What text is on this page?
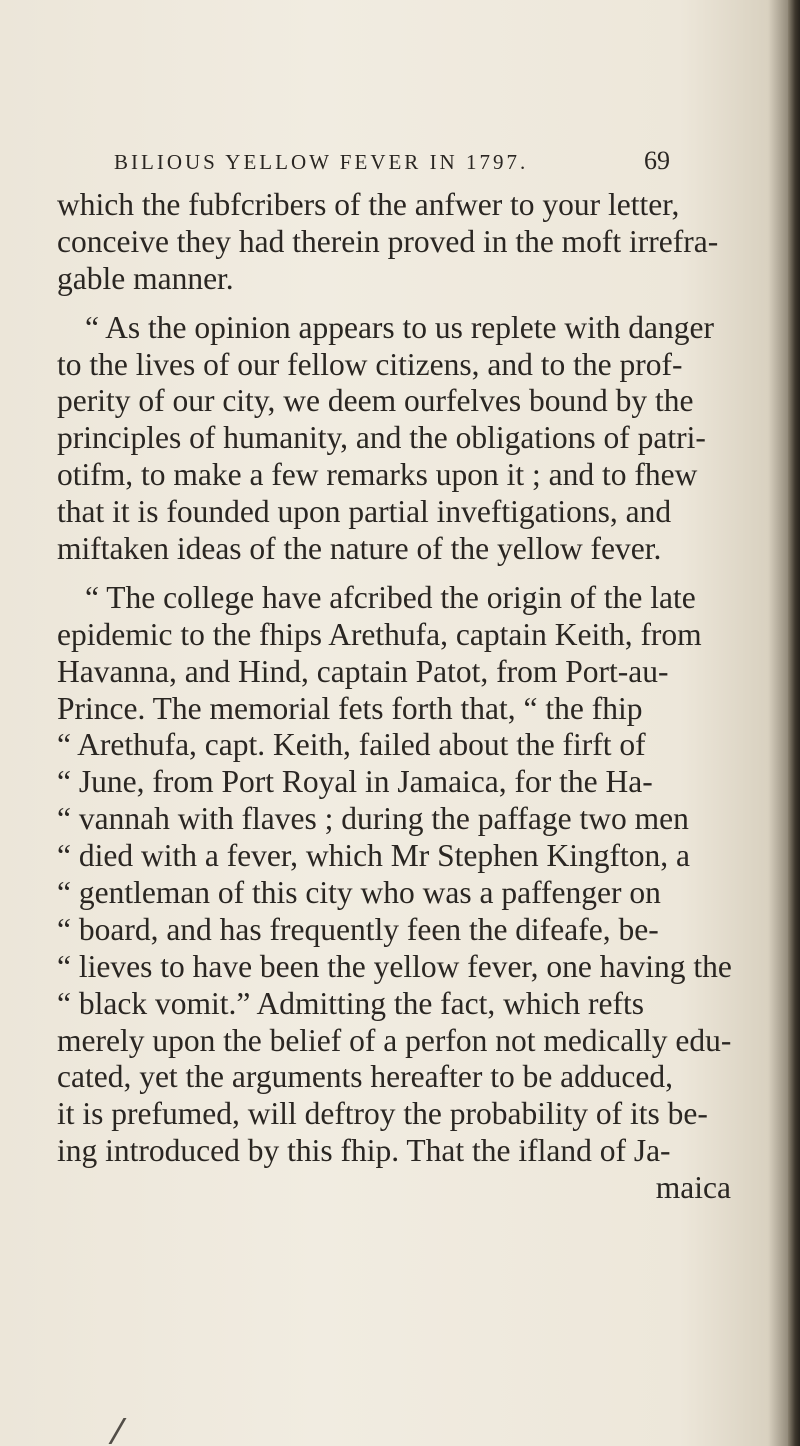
BILIOUS YELLOW FEVER IN 1797.	69
which the fubfcribers of the anfwer to your letter,
conceive they had therein proved in the moft irrefra-
gable manner.
“ As the opinion appears to us replete with danger
to the lives of our fellow citizens, and to the prof-
perity of our city, we deem ourfelves bound by the
principles of humanity, and the obligations of patri-
otifm, to make a few remarks upon it ; and to fhew
that it is founded upon partial inveftigations, and
miftaken ideas of the nature of the yellow fever.
“ The college have afcribed the origin of the late
epidemic to the fhips Arethufa, captain Keith, from
Havanna, and Hind, captain Patot, from Port-au-
Prince. The memorial fets forth that, “ the fhip
“ Arethufa, capt. Keith, failed about the firft of
“ June, from Port Royal in Jamaica, for the Ha-
“ vannah with flaves ; during the paffage two men
“ died with a fever, which Mr Stephen Kingfton, a
“ gentleman of this city who was a paffenger on
“ board, and has frequently feen the difeafe, be-
“ lieves to have been the yellow fever, one having the
“ black vomit.” Admitting the fact, which refts
merely upon the belief of a perfon not medically edu-
cated, yet the arguments hereafter to be adduced,
it is prefumed, will deftroy the probability of its be-
ing introduced by this fhip. That the ifland of Ja-
maica
